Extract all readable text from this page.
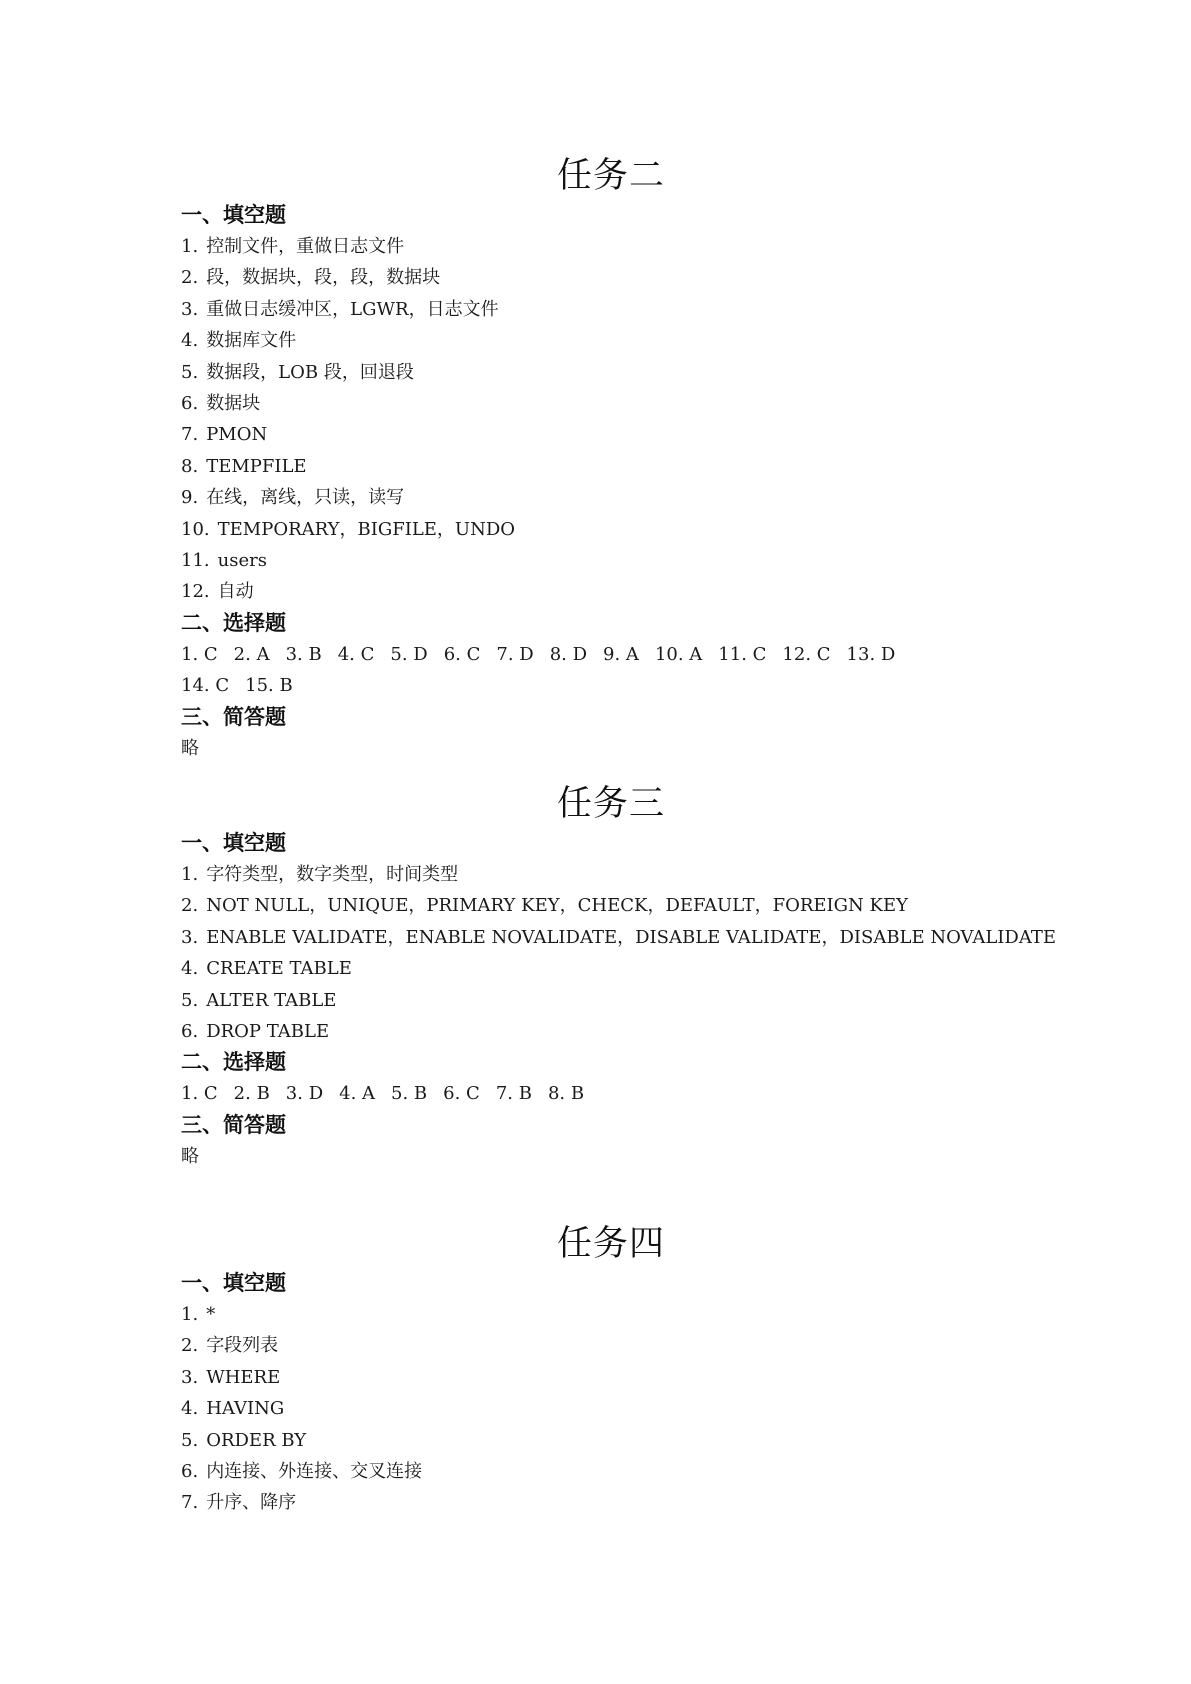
任务二
一、填空题
1. 控制文件，重做日志文件
2. 段，数据块，段，段，数据块
3. 重做日志缓冲区，LGWR，日志文件
4. 数据库文件
5. 数据段，LOB 段，回退段
6. 数据块
7. PMON
8. TEMPFILE
9. 在线，离线，只读，读写
10. TEMPORARY，BIGFILE，UNDO
11. users
12. 自动
二、选择题
1. C 2. A 3. B 4. C 5. D 6. C 7. D 8. D 9. A 10. A 11. C 12. C 13. D
14. C 15. B
三、简答题
略
任务三
一、填空题
1. 字符类型，数字类型，时间类型
2. NOT NULL，UNIQUE，PRIMARY KEY，CHECK，DEFAULT，FOREIGN KEY
3. ENABLE VALIDATE，ENABLE NOVALIDATE，DISABLE VALIDATE，DISABLE NOVALIDATE
4. CREATE TABLE
5. ALTER TABLE
6. DROP TABLE
二、选择题
1. C 2. B 3. D 4. A 5. B 6. C 7. B 8. B
三、简答题
略
任务四
一、填空题
1. *
2. 字段列表
3. WHERE
4. HAVING
5. ORDER BY
6. 内连接、外连接、交叉连接
7. 升序、降序
